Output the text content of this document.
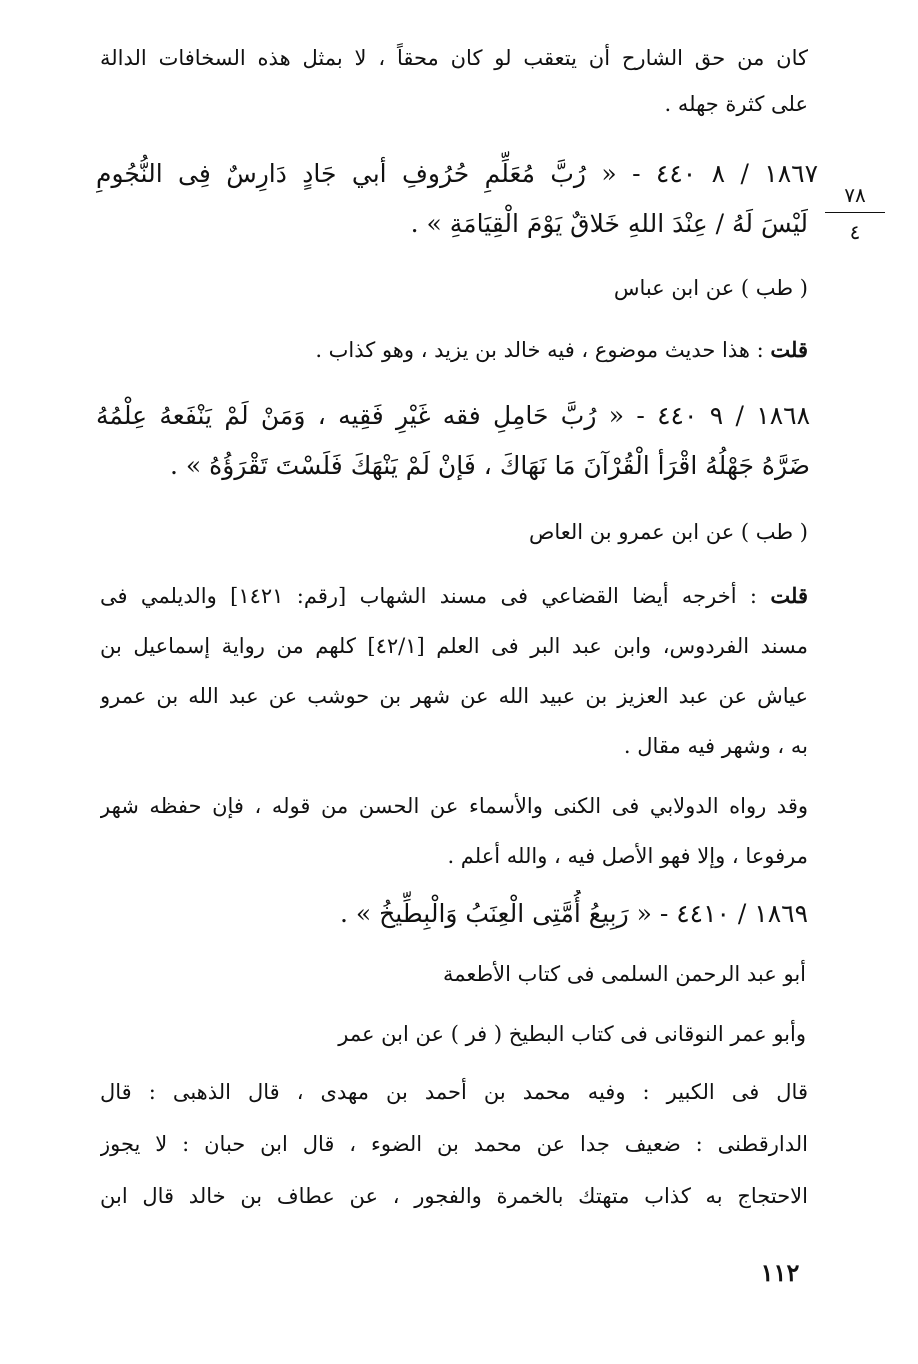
كان من حق الشارح أن يتعقب لو كان محقاً ، لا بمثل هذه السخافات الدالة
على كثرة جهله .
١٨٦٧ / ٨ ٤٤٠ - « رُبَّ مُعَلِّمِ حُرُوفِ أبي جَادٍ دَارِسٌ فِى النُّجُومِ
لَيْسَ لَهُ / عِنْدَ اللهِ خَلاقٌ يَوْمَ الْقِيَامَةِ » .
٧٨
٤
( طب ) عن ابن عباس
قلت : هذا حديث موضوع ، فيه خالد بن يزيد ، وهو كذاب .
١٨٦٨ / ٩ ٤٤٠ - « رُبَّ حَامِلِ فقه غَيْرِ فَقِيه ، وَمَنْ لَمْ يَنْفَعهُ عِلْمُهُ
ضَرَّهُ جَهْلُهُ اقْرَأ الْقُرْآنَ مَا نَهَاكَ ، فَإنْ لَمْ يَنْهَكَ فَلَسْتَ تَقْرَؤُهُ » .
( طب ) عن ابن عمرو بن العاص
قلت : أخرجه أيضا القضاعي فى مسند الشهاب [رقم: ١٤٢١] والديلمي فى
مسند الفردوس، وابن عبد البر فى العلم [٤٢/١] كلهم من رواية إسماعيل بن
عياش عن عبد العزيز بن عبيد الله عن شهر بن حوشب عن عبد الله بن عمرو
به ، وشهر فيه مقال .
وقد رواه الدولابي فى الكنى والأسماء عن الحسن من قوله ، فإن حفظه شهر
مرفوعا ، وإلا فهو الأصل فيه ، والله أعلم .
١٨٦٩ / ٤٤١٠ - « رَبِيعُ أُمَّتِى الْعِنَبُ وَالْبِطِّيخُ » .
أبو عبد الرحمن السلمى فى كتاب الأطعمة
وأبو عمر النوقانى فى كتاب البطيخ ( فر ) عن ابن عمر
قال فى الكبير : وفيه محمد بن أحمد بن مهدى ، قال الذهبى : قال
الدارقطنى : ضعيف جدا عن محمد بن الضوء ، قال ابن حبان : لا يجوز
الاحتجاج به كذاب متهتك بالخمرة والفجور ، عن عطاف بن خالد قال ابن
١١٢
